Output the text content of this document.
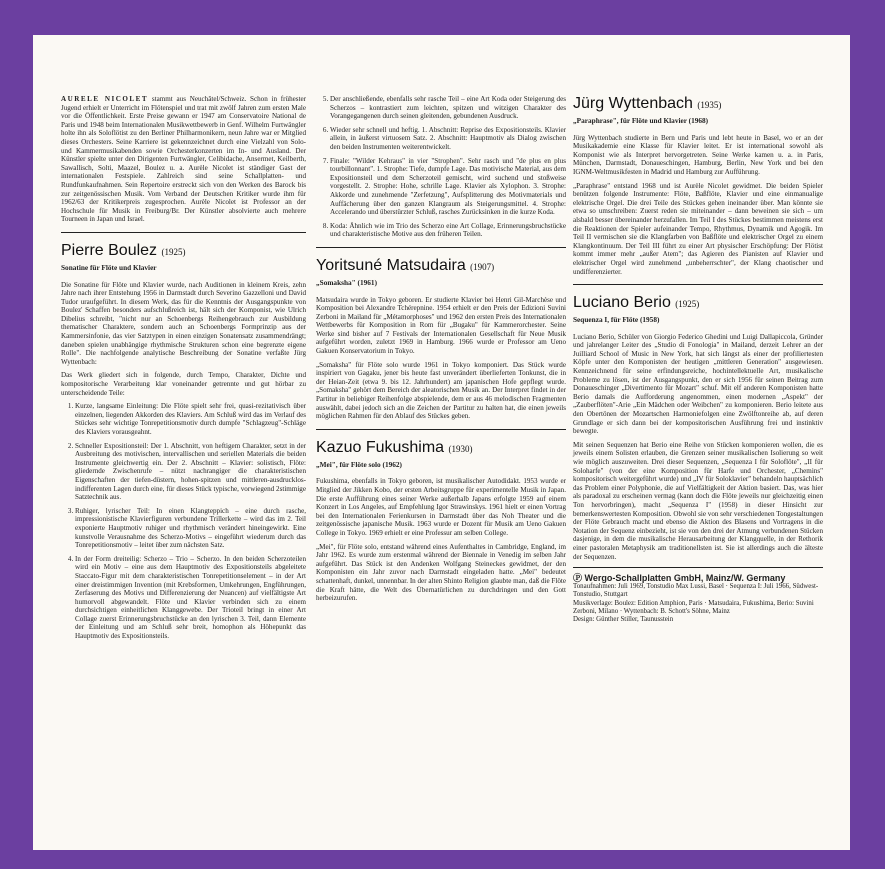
AURELE NICOLET stammt aus Neuchâtel/Schweiz. Schon in frühester Jugend erhielt er Unterricht im Flötenspiel und trat mit zwölf Jahren zum ersten Male vor die Öffentlichkeit. Erste Preise gewann er 1947 am Conservatoire National de Paris und 1948 beim Internationalen Musikwettbewerb in Genf. Wilhelm Furtwängler holte ihn als Soloflötist zu den Berliner Philharmonikern, neun Jahre war er Mitglied dieses Orchesters. Seine Karriere ist gekennzeichnet durch eine Vielzahl von Solo- und Kammermusikabenden sowie Orchesterkonzerten im In- und Ausland. Der Künstler spielte unter den Dirigenten Furtwängler, Celibidache, Ansermet, Keilberth, Sawallisch, Solti, Maazel, Boulez u. a. Aurèle Nicolet ist ständiger Gast der internationalen Festspiele. Zahlreich sind seine Schallplatten- und Rundfunkaufnahmen. Sein Repertoire erstreckt sich von den Werken des Barock bis zur zeitgenössischen Musik. Vom Verband der Deutschen Kritiker wurde ihm für 1962/63 der Kritikerpreis zugesprochen. Aurèle Nicolet ist Professor an der Hochschule für Musik in Freiburg/Br. Der Künstler absolvierte auch mehrere Tourneen in Japan und Israel.

Pierre Boulez (1925)
Sonatine für Flöte und Klavier

Die Sonatine für Flöte und Klavier wurde, nach Auditionen in kleinem Kreis, zehn Jahre nach ihrer Entstehung 1956 in Darmstadt durch Severino Gazzelloni und David Tudor uraufgeführt. In diesem Werk, das für die Kenntnis der Ausgangspunkte von Boulez' Schaffen besonders aufschlußreich ist, hält sich der Komponist, wie Ulrich Dibelius schreibt, "nicht nur an Schoenbergs Reihengebrauch zur Ausbildung thematischer Charaktere, sondern auch an Schoenbergs Formprinzip aus der Kammersinfonie, das vier Satztypen in einen einzigen Sonatensatz zusammendrängt; daneben spielen unabhängige rhythmische Strukturen schon eine begrenzte eigene Rolle". Die nachfolgende analytische Beschreibung der Sonatine verfaßte Jürg Wyttenbach:

Das Werk gliedert sich in folgende, durch Tempo, Charakter, Dichte und kompositorische Verarbeitung klar voneinander getrennte und gut hörbar zu unterscheidende Teile:

1. Kurze, langsame Einleitung: Die Flöte spielt sehr frei, quasi-rezitativisch über einzelnen, liegenden Akkorden des Klaviers. Am Schluß wird das im Verlauf des Stückes sehr wichtige Tonrepetitionsmotiv durch dumpfe "Schlagzeug"-Schläge des Klaviers vorausgeahnt.
2. Schneller Expositionsteil: Der 1. Abschnitt, von heftigem Charakter, setzt in der Ausbreitung des motivischen, intervallischen und seriellen Materials die beiden Instrumente gleichwertig ein. Der 2. Abschnitt – Klavier: solistisch, Flöte: gliedernde Zwischenrufe – nützt nachrangiger die charakteristischen Eigenschaften der tiefen-düstern, hohen-spitzen und mittleren-ausdrucklos-indifferenten Lagen durch eine, für dieses Stück typische, vorwiegend 2stimmige Satztechnik aus.
3. Ruhiger, lyrischer Teil: In einen Klangteppich – eine durch rasche, impressionistische Klavierfiguren verbundene Trillerkette – wird das im 2. Teil exponierte Hauptmotiv ruhiger und rhythmisch verändert hineingewirkt. Eine kunstvolle Verausnahme des Scherzo-Motivs – eingeführt wiederum durch das Tonrepetitionsmotiv – leitet über zum nächsten Satz.
4. In der Form dreiteilig: Scherzo – Trio – Scherzo. In den beiden Scherzoteilen wird ein Motiv – eine aus dem Hauptmotiv des Expositionsteils abgeleitete Staccato-Figur mit dem charakteristischen Tonrepetitionselement – in der Art einer dreistimmigen Invention (mit Krebsformen, Umkehrungen, Engführungen, Zerfaserung des Motivs und Differenzierung der Nuancen) auf vielfältigste Art humorvoll abgewandelt. Flöte und Klavier verbinden sich zu einem durchsichtigen einheitlichen Klanggewebe. Der Trioteil bringt in einer Art Collage zuerst Erinnerungsbruchstücke an den lyrischen 3. Teil, dann Elemente der Einleitung und am Schluß sehr breit, homophon als Höhepunkt das Hauptmotiv des Expositionsteils.
5. Der anschließende, ebenfalls sehr rasche Teil – eine Art Koda oder Steigerung des Scherzos – kontrastiert zum leichten, spitzen und witzigen Charakter des Vorangegangenen durch seinen gleitenden, gebundenen Ausdruck.
6. Wieder sehr schnell und heftig. 1. Abschnitt: Reprise des Expositionsteils. Klavier allein, in äußerst virtuosem Satz. 2. Abschnitt: Hauptmotiv als Dialog zwischen den beiden Instrumenten weiterentwickelt.
7. Finale: "Wilder Kehraus" in vier "Strophen". Sehr rasch und "de plus en plus tourbillonnant". 1. Strophe: Tiefe, dumpfe Lage. Das motivische Material, aus dem Expositionsteil und dem Scherzoteil gemischt, wird suchend und stoßweise vorgestellt. 2. Strophe: Hohe, schrille Lage. Klavier als Xylophon. 3. Strophe: Akkorde und zunehmende "Zerfetzung", Aufsplitterung des Motivmaterials und Auffächerung über den ganzen Klangraum als Steigerungsmittel. 4. Strophe: Accelerando und überstürzter Schluß, rasches Zurücksinken in die kurze Koda.
8. Koda: Ähnlich wie im Trio des Scherzo eine Art Collage, Erinnerungsbruchstücke und charakteristische Motive aus den früheren Teilen.
Yoritsuné Matsudaira (1907)
„Somaksha" (1961)

Matsudaira wurde in Tokyo geboren. Er studierte Klavier bei Henri Gil-Marchèse und Komposition bei Alexandre Tchérepnine. 1954 erhielt er den Preis der Edizioni Suvini Zerboni in Mailand für „Métamorphoses" und 1962 den ersten Preis des Internationalen Wettbewerbs für Komposition in Rom für „Bugaku" für Kammerorchester. Seine Werke sind bisher auf 7 Festivals der Internationalen Gesellschaft für Neue Musik aufgeführt worden, zuletzt 1969 in Hamburg. 1966 wurde er Professor am Ueno Gakuen Konservatorium in Tokyo.

„Somaksha" für Flöte solo wurde 1961 in Tokyo komponiert. Das Stück wurde inspiriert von Gagaku, jener bis heute fast unverändert überlieferten Tonkunst, die in der Heian-Zeit (etwa 9. bis 12. Jahrhundert) am japanischen Hofe gepflegt wurde. „Somaksha" gehört dem Bereich der aleatorischen Musik an. Der Interpret findet in der Partitur in beliebiger Reihenfolge abspielende, dem er aus 46 melodischen Fragmenten auswählt, dabei jedoch sich an die Zeichen der Partitur zu halten hat, die einen jeweils möglichen Rahmen für den Ablauf des Stückes geben.

Kazuo Fukushima (1930)
„Mei", für Flöte solo (1962)

Fukushima, ebenfalls in Tokyo geboren, ist musikalischer Autodidakt. 1953 wurde er Mitglied der Jikken Kobo, der ersten Arbeitsgruppe für experimentelle Musik in Japan. Die erste Aufführung eines seiner Werke außerhalb Japans erfolgte 1959 auf einem Konzert in Los Angeles, auf Empfehlung Igor Strawinskys. 1961 hielt er einen Vortrag bei den Internationalen Ferienkursen in Darmstadt über das Noh Theater und die zeitgenössische japanische Musik. 1963 wurde er Dozent für Musik am Ueno Gakuen College in Tokyo. 1969 erhielt er eine Professur am selben College.

„Mei", für Flöte solo, entstand während eines Aufenthaltes in Cambridge, England, im Jahr 1962. Es wurde zum erstenmal während der Biennale in Venedig im selben Jahr aufgeführt. Das Stück ist den Andenken Wolfgang Steineckes gewidmet, der den Komponisten ein Jahr zuvor nach Darmstadt eingeladen hatte. „Mei" bedeutet schattenhaft, dunkel, unnennbar. In der alten Shinto Religion glaubte man, daß die Flöte die Kraft hätte, die Welt des Übernatürlichen zu durchdringen und den Gott herbeizurufen.

Jürg Wyttenbach (1935)
„Paraphrase", für Flöte und Klavier (1968)

Jürg Wyttenbach studierte in Bern und Paris und lebt heute in Basel, wo er an der Musikakademie eine Klasse für Klavier leitet. Er ist international sowohl als Komponist wie als Interpret hervorgetreten. Seine Werke kamen u. a. in Paris, München, Darmstadt, Donaueschingen, Hamburg, Berlin, New York und bei den IGNM-Weltmusikfesten in Madrid und Hamburg zur Aufführung.

„Paraphrase" entstand 1968 und ist Aurèle Nicolet gewidmet. Die beiden Spieler benützen folgende Instrumente: Flöte, Baßflöte, Klavier und eine einmanualige elektrische Orgel. Die drei Teile des Stückes gehen ineinander über. Man könnte sie etwa so umschreiben: Zuerst reden sie miteinander – dann beweinen sie sich – um alsbald besser übereinander herzufallen. Im Teil I des Stückes bestimmen meistens erst die Reaktionen der Spieler aufeinander Tempo, Rhythmus, Dynamik und Agogik. Im Teil II vermischen sie die Klangfarben von Baßflöte und elektrischer Orgel zu einem Klangkontinuum. Der Teil III führt zu einer Art physischer Erschöpfung: Der Flötist kommt immer mehr „außer Atem"; das Agieren des Pianisten auf Klavier und elektrischer Orgel wird zunehmend „unbeherrschter", der Klang chaotischer und undifferenzierter.

Luciano Berio (1925)
Sequenza I, für Flöte (1958)

Luciano Berio, Schüler von Giorgio Federico Ghedini und Luigi Dallapiccola, Gründer und jahrelanger Leiter des „Studio di Fonologia" in Mailand, derzeit Lehrer an der Juilliard School of Music in New York, hat sich längst als einer der profiliertesten Köpfe unter den Komponisten der heutigen „mittleren Generation" ausgewiesen. Kennzeichnend für seine erfindungsreiche, hochintellektuelle Art, musikalische Probleme zu lösen, ist der Ausgangspunkt, den er sich 1956 für seinen Beitrag zum Donaueschinger „Divertimento für Mozart" schuf. Mit elf anderen Komponisten hatte Berio damals die Aufforderung angenommen, einen modernen „Aspekt" der „Zauberflöten"-Arie „Ein Mädchen oder Weibchen" zu komponieren. Berio leitete aus den Obertönen der Mozartschen Harmoniefolgen eine Zwölftonreihe ab, auf deren Grundlage er sich dann bei der kompositorischen Ausführung frei und instinktiv bewegte.

Mit seinen Sequenzen hat Berio eine Reihe von Stücken komponieren wollen, die es jeweils einem Solisten erlauben, die Grenzen seiner musikalischen Isolierung so weit wie möglich auszuweiten. Drei dieser Sequenzen, „Sequenza I für Soloflöte", „II für Soloharfe" (von der eine Komposition für Harfe und Orchester, „Chemins" kompositorisch weitergeführt wurde) und „IV für Soloklavier" behandeln hauptsächlich das Problem einer Polyphonie, die auf Vielfältigkeit der Aktion basiert. Das, was hier als paradoxal zu erscheinen vermag (kann doch die Flöte jeweils nur gleichzeitig einen Ton hervorbringen), macht „Sequenza I" (1958) in dieser Hinsicht zur bemerkenswertesten Komposition. Obwohl sie von sehr verschiedenen Tongestaltungen der Flöte Gebrauch macht und ebenso die Aktion des Blasens und Vortragens in die Notation der Sequenz einbezieht, ist sie von den drei der Atmung verbundenen Stücken dasjenige, in dem die musikalische Herausarbeitung der Klangquelle, in der Rethorik einer pastoralen Metaphysik am traditionellsten ist. Sie ist allerdings auch die älteste der Sequenzen.

Ⓟ Wergo-Schallplatten GmbH, Mainz/W. Germany
Tonaufnahmen: Juli 1969, Tonstudio Max Lussi, Basel · Sequenza I: Juli 1966, Südwest-Tonstudio, Stuttgart
Musikverlage: Boulez: Edition Amphion, Paris · Matsudaira, Fukushima, Berio: Suvini Zerboni, Milano · Wyttenbach: B. Schott's Söhne, Mainz
Design: Günther Stiller, Taunusstein
